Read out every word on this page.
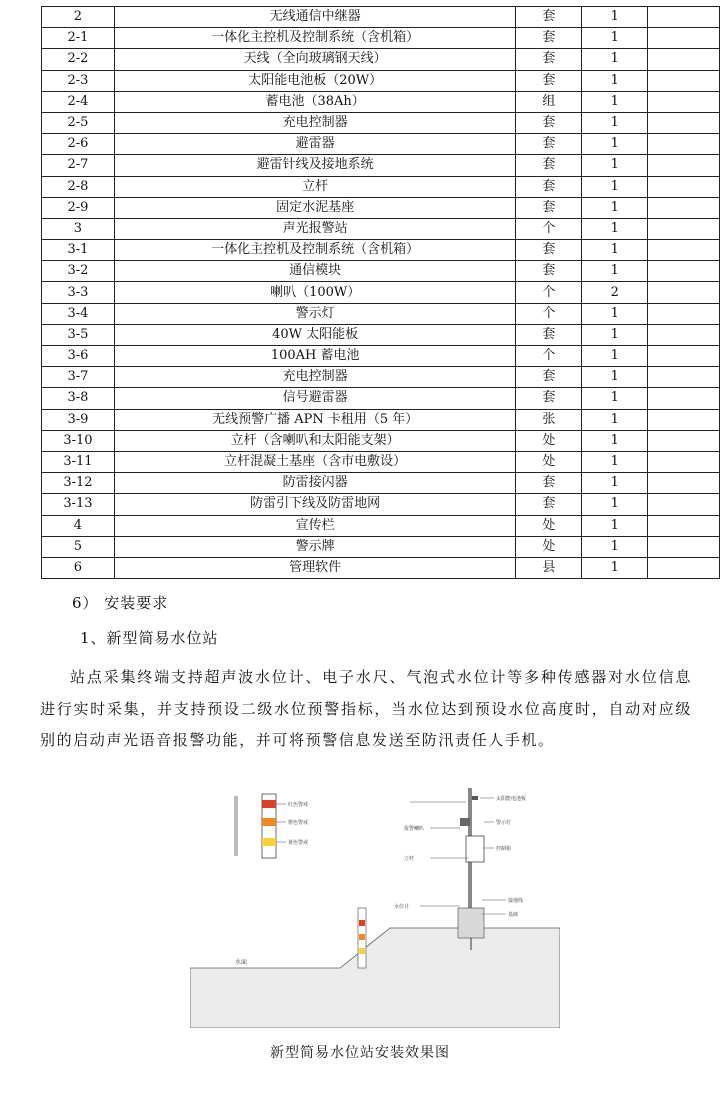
2	无线通信中继器	套	1	
2-1	一体化主控机及控制系统（含机箱）	套	1	
2-2	天线（全向玻璃钢天线）	套	1	
2-3	太阳能电池板（20W）	套	1	
2-4	蓄电池（38Ah）	组	1	
2-5	充电控制器	套	1	
2-6	避雷器	套	1	
2-7	避雷针线及接地系统	套	1	
2-8	立杆	套	1	
2-9	固定水泥基座	套	1	
3	声光报警站	个	1	
3-1	一体化主控机及控制系统（含机箱）	套	1	
3-2	通信模块	套	1	
3-3	喇叭（100W）	个	2	
3-4	警示灯	个	1	
3-5	40W 太阳能板	套	1	
3-6	100AH 蓄电池	个	1	
3-7	充电控制器	套	1	
3-8	信号避雷器	套	1	
3-9	无线预警广播 APN 卡租用（5 年）	张	1	
3-10	立杆（含喇叭和太阳能支架）	处	1	
3-11	立杆混凝土基座（含市电敷设）	处	1	
3-12	防雷接闪器	套	1	
3-13	防雷引下线及防雷地网	套	1	
4	宣传栏	处	1	
5	警示牌	处	1	
6	管理软件	县	1	
6） 安装要求
1、新型简易水位站
站点采集终端支持超声波水位计、电子水尺、气泡式水位计等多种传感器对水位信息进行实时采集，并支持预设二级水位预警指标，当水位达到预设水位高度时，自动对应级别的启动声光语音报警功能，并可将预警信息发送至防汛责任人手机。
水面
红色警戒
橙色警戒
黄色警戒
太阳能电池板
警示灯
报警喇叭
控制箱
立杆
水位计
接地线
基础
新型简易水位站安装效果图
